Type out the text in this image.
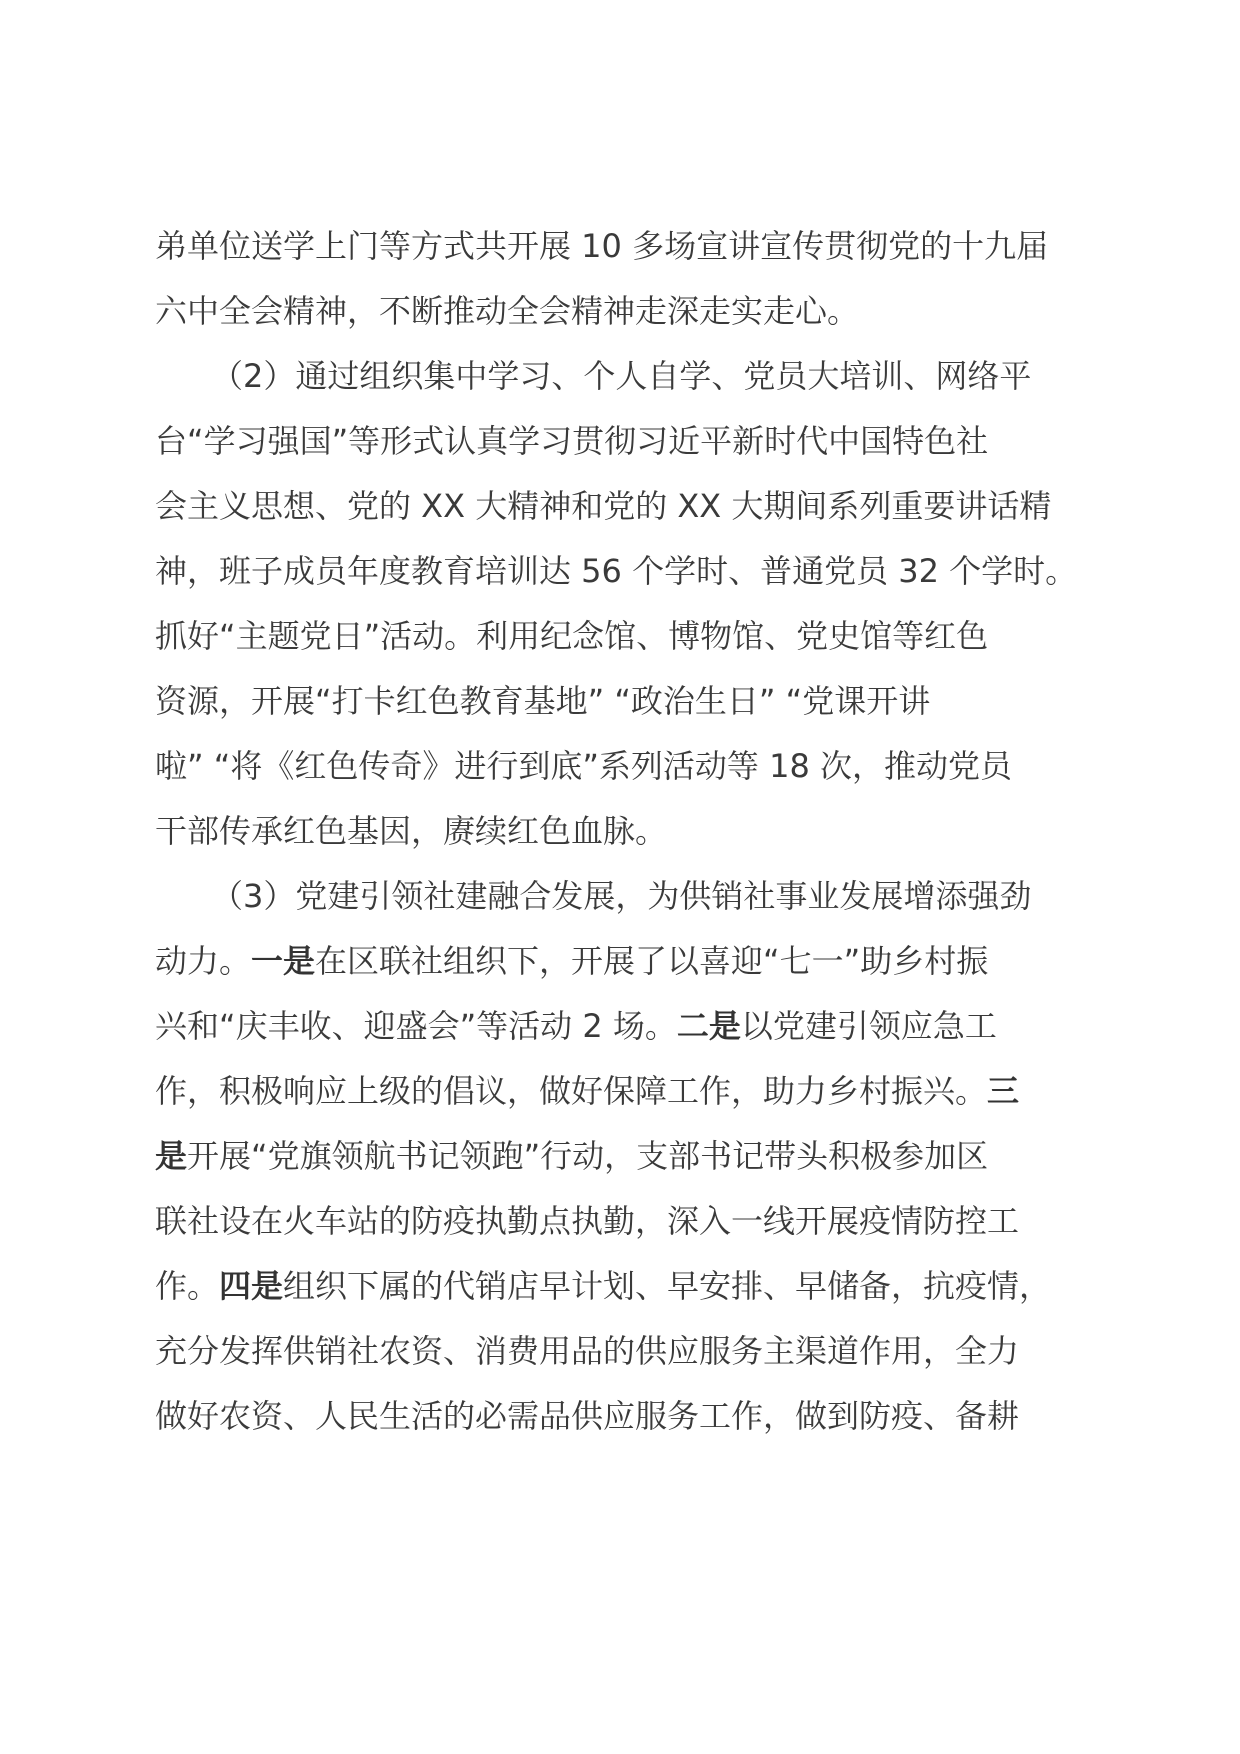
弟单位送学上门等方式共开展 10 多场宣讲宣传贯彻党的十九届
六中全会精神，不断推动全会精神走深走实走心。
（2）通过组织集中学习、个人自学、党员大培训、网络平
台“学习强国”等形式认真学习贯彻习近平新时代中国特色社
会主义思想、党的 XX 大精神和党的 XX 大期间系列重要讲话精
神，班子成员年度教育培训达 56 个学时、普通党员 32 个学时。
抓好“主题党日”活动。利用纪念馆、博物馆、党史馆等红色
资源，开展“打卡红色教育基地” “政治生日” “党课开讲
啦” “将《红色传奇》进行到底”系列活动等 18 次，推动党员
干部传承红色基因，赓续红色血脉。
（3）党建引领社建融合发展，为供销社事业发展增添强劲
动力。一是在区联社组织下，开展了以喜迎“七一”助乡村振
兴和“庆丰收、迎盛会”等活动 2 场。二是以党建引领应急工
作，积极响应上级的倡议，做好保障工作，助力乡村振兴。三
是开展“党旗领航书记领跑”行动，支部书记带头积极参加区
联社设在火车站的防疫执勤点执勤，深入一线开展疫情防控工
作。四是组织下属的代销店早计划、早安排、早储备，抗疫情，
充分发挥供销社农资、消费用品的供应服务主渠道作用，全力
做好农资、人民生活的必需品供应服务工作，做到防疫、备耕
